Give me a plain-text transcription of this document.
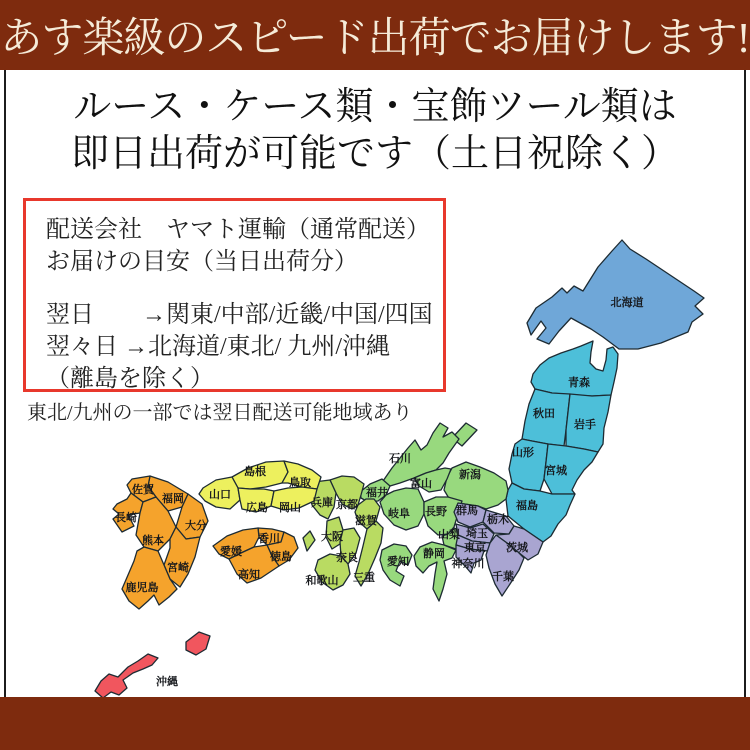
あす楽級のスピード出荷でお届けします!
ルース・ケース類・宝飾ツール類は
即日出荷が可能です（土日祝除く）

配送会社　ヤマト運輸（通常配送）

お届けの目安（当日出荷分）

翌日　　→関東/中部/近畿/中国/四国

翌々日 →北海道/東北/ 九州/沖縄

（離島を除く）

東北/九州の一部では翌日配送可能地域あり
北海道
青森
秋田
岩手
山形
宮城
福島
新潟
群馬
栃木
茨城
埼玉
東京
神奈川
千葉
石川
富山
福井
長野
岐阜
山梨
静岡
愛知
滋賀
京都
兵庫
大阪
奈良
三重
和歌山
島根
鳥取
岡山
広島
山口
香川
徳島
愛媛
高知
福岡
佐賀
長崎
大分
熊本
宮崎
鹿児島
沖縄
